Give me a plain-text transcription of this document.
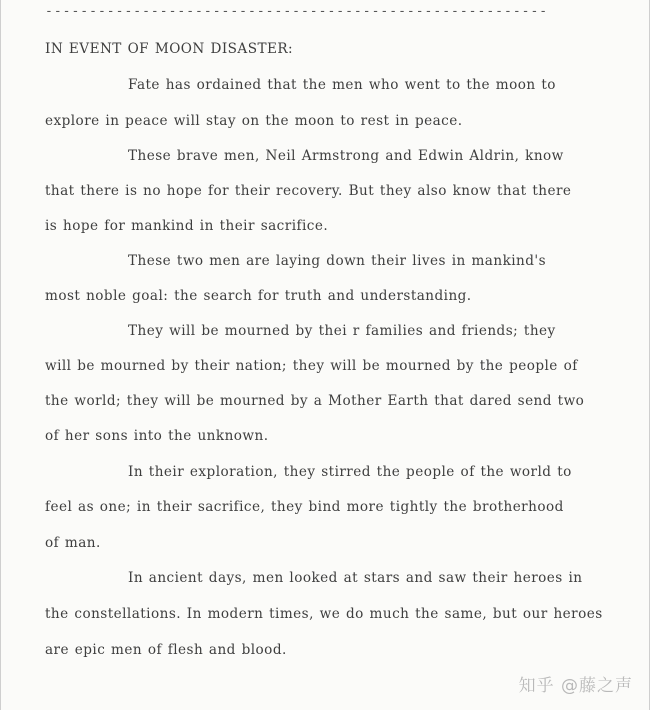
---------------------------------------------------------
IN EVENT OF MOON DISASTER:
Fate has ordained that the men who went to the moon to
explore in peace will stay on the moon to rest in peace.
These brave men, Neil Armstrong and Edwin Aldrin, know
that there is no hope for their recovery. But they also know that there
is hope for mankind in their sacrifice.
These two men are laying down their lives in mankind's
most noble goal: the search for truth and understanding.
They will be mourned by thei r families and friends; they
will be mourned by their nation; they will be mourned by the people of
the world; they will be mourned by a Mother Earth that dared send two
of her sons into the unknown.
In their exploration, they stirred the people of the world to
feel as one; in their sacrifice, they bind more tightly the brotherhood
of man.
In ancient days, men looked at stars and saw their heroes in
the constellations. In modern times, we do much the same, but our heroes
are epic men of flesh and blood.
知乎 @藤之声
